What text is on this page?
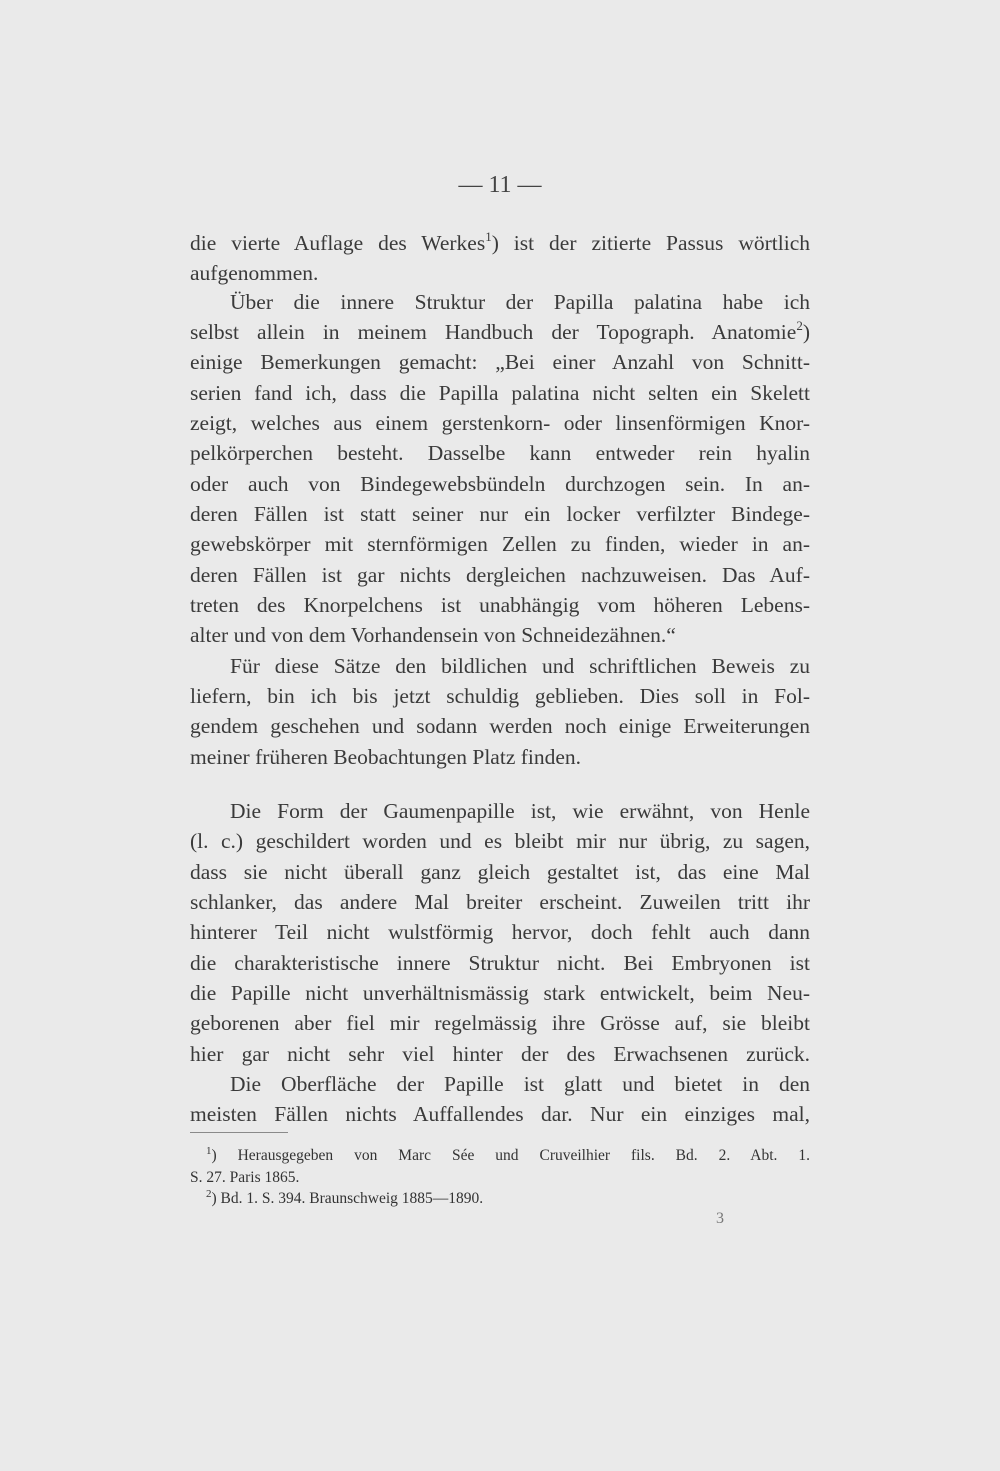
— 11 —
die vierte Auflage des Werkes$^1$) ist der zitierte Passus wörtlich
aufgenommen.
Über die innere Struktur der Papilla palatina habe ich
selbst allein in meinem Handbuch der Topograph. Anatomie$^2$)
einige Bemerkungen gemacht: „Bei einer Anzahl von Schnitt-
serien fand ich, dass die Papilla palatina nicht selten ein Skelett
zeigt, welches aus einem gerstenkorn- oder linsenförmigen Knor-
pelkörperchen besteht. Dasselbe kann entweder rein hyalin
oder auch von Bindegewebsbündeln durchzogen sein. In an-
deren Fällen ist statt seiner nur ein locker verfilzter Bindege-
gewebskörper mit sternförmigen Zellen zu finden, wieder in an-
deren Fällen ist gar nichts dergleichen nachzuweisen. Das Auf-
treten des Knorpelchens ist unabhängig vom höheren Lebens-
alter und von dem Vorhandensein von Schneidezähnen.“
Für diese Sätze den bildlichen und schriftlichen Beweis zu
liefern, bin ich bis jetzt schuldig geblieben. Dies soll in Fol-
gendem geschehen und sodann werden noch einige Erweiterungen
meiner früheren Beobachtungen Platz finden.
Die Form der Gaumenpapille ist, wie erwähnt, von Henle
(l. c.) geschildert worden und es bleibt mir nur übrig, zu sagen,
dass sie nicht überall ganz gleich gestaltet ist, das eine Mal
schlanker, das andere Mal breiter erscheint. Zuweilen tritt ihr
hinterer Teil nicht wulstförmig hervor, doch fehlt auch dann
die charakteristische innere Struktur nicht. Bei Embryonen ist
die Papille nicht unverhältnismässig stark entwickelt, beim Neu-
geborenen aber fiel mir regelmässig ihre Grösse auf, sie bleibt
hier gar nicht sehr viel hinter der des Erwachsenen zurück.
Die Oberfläche der Papille ist glatt und bietet in den
meisten Fällen nichts Auffallendes dar. Nur ein einziges mal,
$^1$) Herausgegeben von Marc Sée und Cruveilhier fils. Bd. 2. Abt. 1.
S. 27. Paris 1865.
$^2$) Bd. 1. S. 394. Braunschweig 1885—1890.
3
